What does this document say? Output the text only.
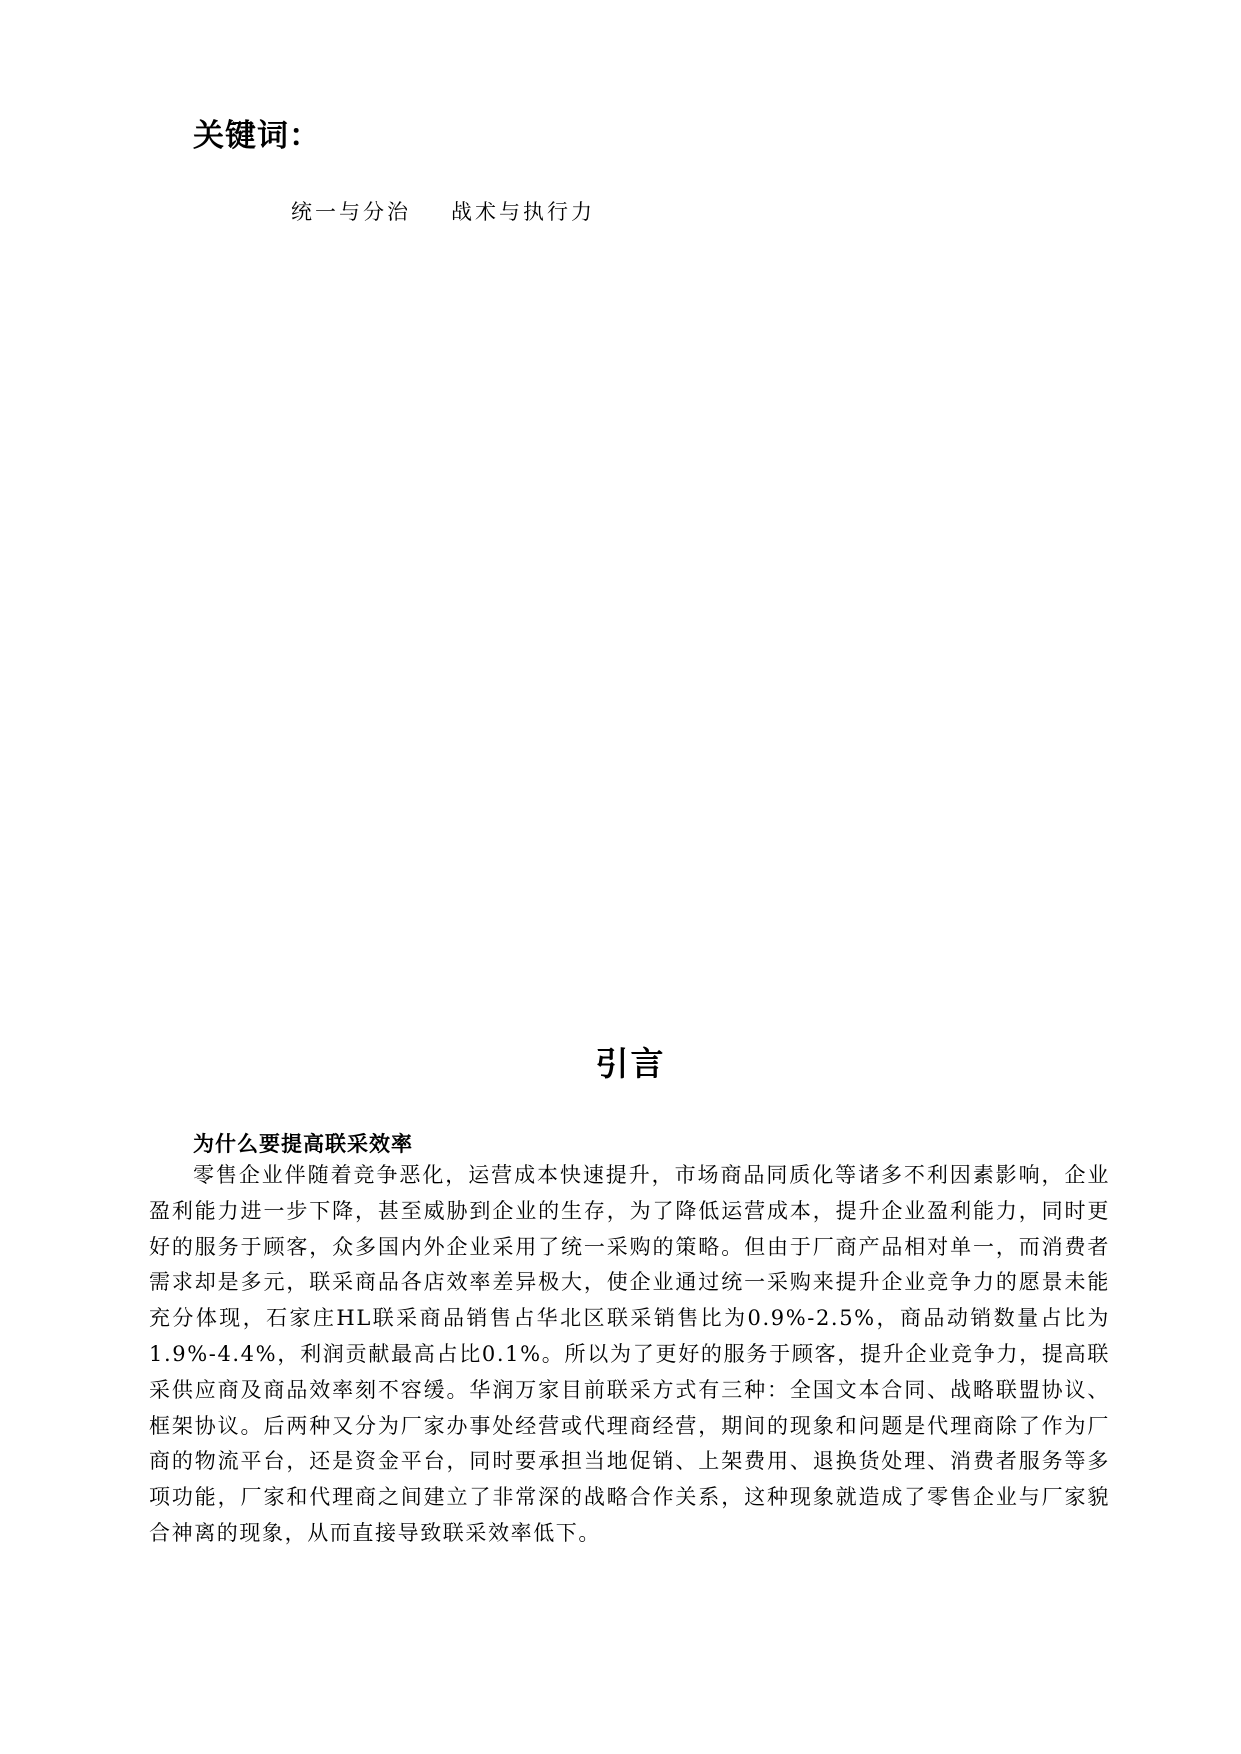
关键词：

统一与分治 战术与执行力

引言
为什么要提高联采效率

零售企业伴随着竞争恶化，运营成本快速提升，市场商品同质化等诸多不利因素影响，企业盈利能力进一步下降，甚至威胁到企业的生存，为了降低运营成本，提升企业盈利能力，同时更好的服务于顾客，众多国内外企业采用了统一采购的策略。但由于厂商产品相对单一，而消费者需求却是多元，联采商品各店效率差异极大，使企业通过统一采购来提升企业竞争力的愿景未能充分体现，石家庄HL联采商品销售占华北区联采销售比为0.9%-2.5%，商品动销数量占比为1.9%-4.4%，利润贡献最高占比0.1%。所以为了更好的服务于顾客，提升企业竞争力，提高联采供应商及商品效率刻不容缓。华润万家目前联采方式有三种：全国文本合同、战略联盟协议、框架协议。后两种又分为厂家办事处经营或代理商经营，期间的现象和问题是代理商除了作为厂商的物流平台，还是资金平台，同时要承担当地促销、上架费用、退换货处理、消费者服务等多项功能，厂家和代理商之间建立了非常深的战略合作关系，这种现象就造成了零售企业与厂家貌合神离的现象，从而直接导致联采效率低下。
